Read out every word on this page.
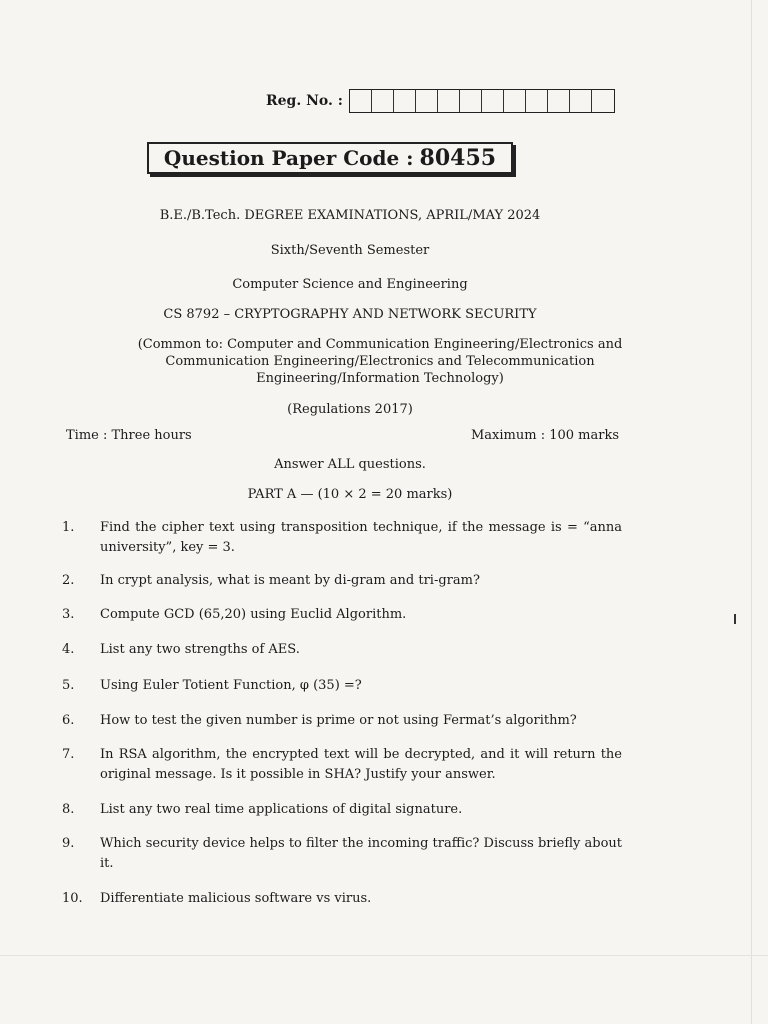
Reg. No. :
Question Paper Code : 80455
B.E./B.Tech. DEGREE EXAMINATIONS, APRIL/MAY 2024
Sixth/Seventh Semester
Computer Science and Engineering
CS 8792 – CRYPTOGRAPHY AND NETWORK SECURITY
(Common to: Computer and Communication Engineering/Electronics and
Communication Engineering/Electronics and Telecommunication
Engineering/Information Technology)
(Regulations 2017)
Time : Three hours	Maximum : 100 marks
Answer ALL questions.
PART A — (10 × 2 = 20 marks)
1.	Find the cipher text using transposition technique, if the message is = “anna university”, key = 3.
2.	In crypt analysis, what is meant by di-gram and tri-gram?
3.	Compute GCD (65,20) using Euclid Algorithm.
4.	List any two strengths of AES.
5.	Using Euler Totient Function, φ (35) =?
6.	How to test the given number is prime or not using Fermat’s algorithm?
7.	In RSA algorithm, the encrypted text will be decrypted, and it will return the original message. Is it possible in SHA? Justify your answer.
8.	List any two real time applications of digital signature.
9.	Which security device helps to filter the incoming traffic? Discuss briefly about it.
10.	Differentiate malicious software vs virus.
